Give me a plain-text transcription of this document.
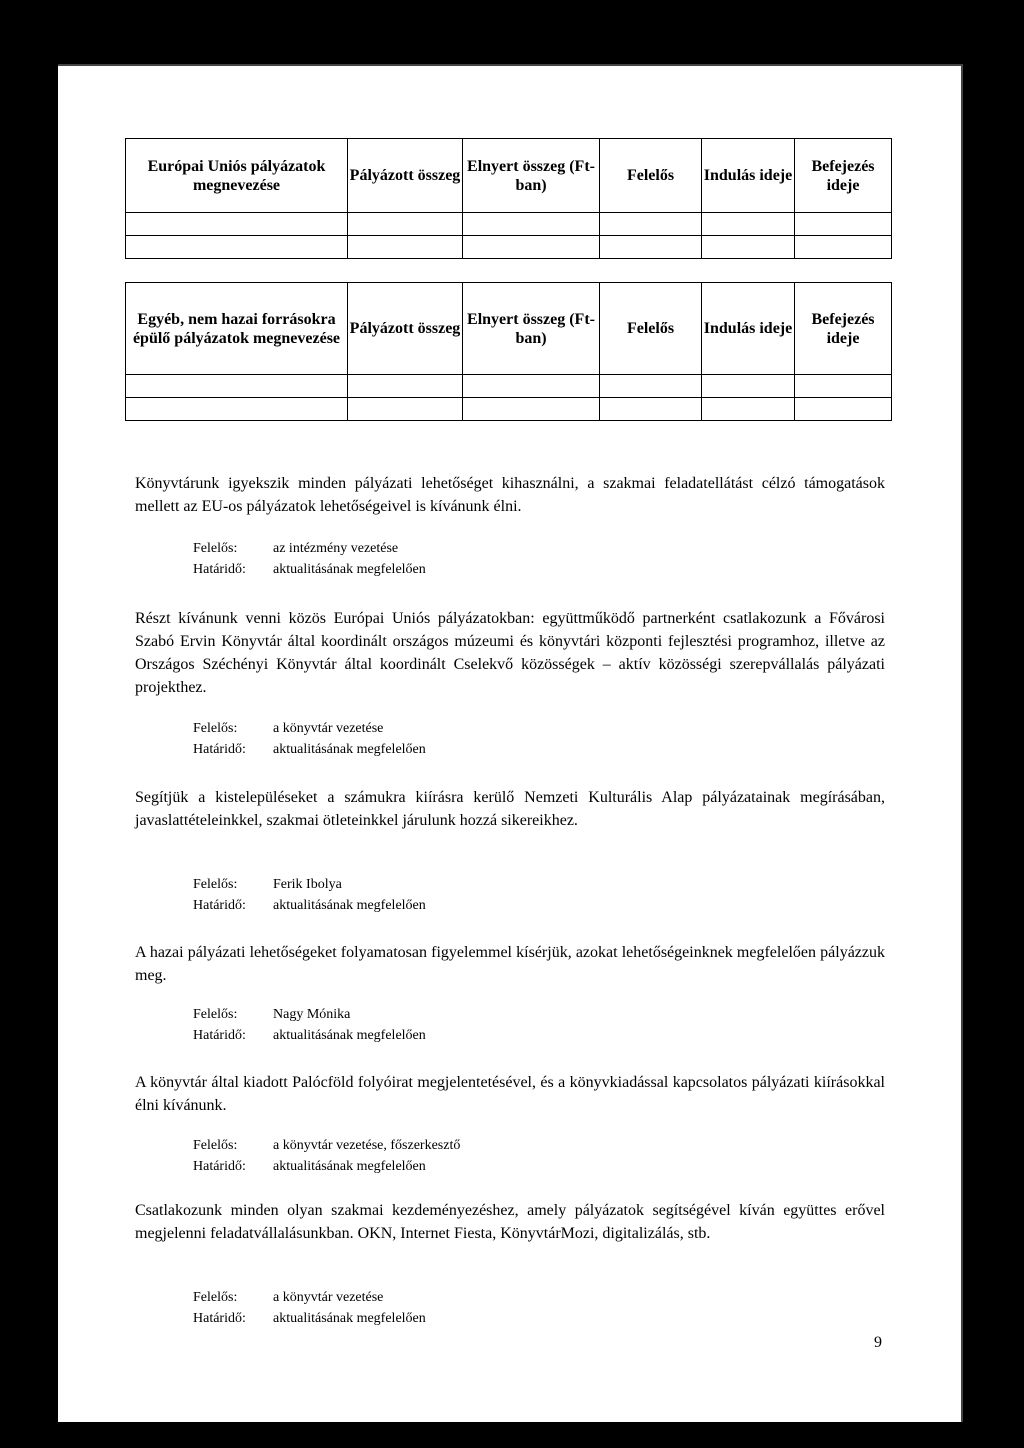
Európai Uniós pályázatok megnevezése	Pályázott összeg	Elnyert összeg (Ft-ban)	Felelős	Indulás ideje	Befejezés ideje

Egyéb, nem hazai forrásokra épülő pályázatok megnevezése	Pályázott összeg	Elnyert összeg (Ft-ban)	Felelős	Indulás ideje	Befejezés ideje

Könyvtárunk igyekszik minden pályázati lehetőséget kihasználni, a szakmai feladatellátást célzó támogatások mellett az EU-os pályázatok lehetőségeivel is kívánunk élni.

Felelős:	az intézmény vezetése
Határidő:	aktualitásának megfelelően

Részt kívánunk venni közös Európai Uniós pályázatokban: együttműködő partnerként csatlakozunk a Fővárosi Szabó Ervin Könyvtár által koordinált országos múzeumi és könyvtári központi fejlesztési programhoz, illetve az Országos Széchényi Könyvtár által koordinált Cselekvő közösségek – aktív közösségi szerepvállalás pályázati projekthez.

Felelős:	a könyvtár vezetése
Határidő:	aktualitásának megfelelően

Segítjük a kistelepüléseket a számukra kiírásra kerülő Nemzeti Kulturális Alap pályázatainak megírásában, javaslattételeinkkel, szakmai ötleteinkkel járulunk hozzá sikereikhez.

Felelős:	Ferik Ibolya
Határidő:	aktualitásának megfelelően

A hazai pályázati lehetőségeket folyamatosan figyelemmel kísérjük, azokat lehetőségeinknek megfelelően pályázzuk meg.

Felelős:	Nagy Mónika
Határidő:	aktualitásának megfelelően

A könyvtár által kiadott Palócföld folyóirat megjelentetésével, és a könyvkiadással kapcsolatos pályázati kiírásokkal élni kívánunk.

Felelős:	a könyvtár vezetése, főszerkesztő
Határidő:	aktualitásának megfelelően

Csatlakozunk minden olyan szakmai kezdeményezéshez, amely pályázatok segítségével kíván együttes erővel megjelenni feladatvállalásunkban. OKN, Internet Fiesta, KönyvtárMozi, digitalizálás, stb.

Felelős:	a könyvtár vezetése
Határidő:	aktualitásának megfelelően
9
